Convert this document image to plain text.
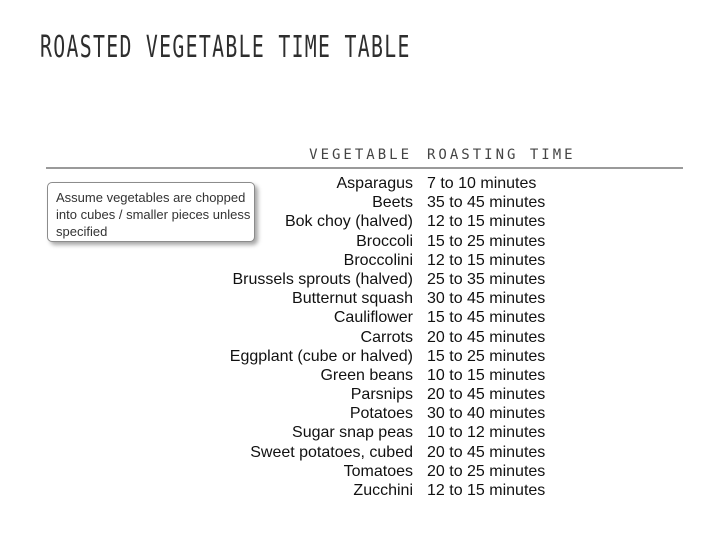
ROASTED VEGETABLE TIME TABLE
VEGETABLE ROASTING TIME
Assume vegetables are chopped into cubes / smaller pieces unless specified
Asparagus 7 to 10 minutes
Beets 35 to 45 minutes
Bok choy (halved) 12 to 15 minutes
Broccoli 15 to 25 minutes
Broccolini 12 to 15 minutes
Brussels sprouts (halved) 25 to 35 minutes
Butternut squash 30 to 45 minutes
Cauliflower 15 to 45 minutes
Carrots 20 to 45 minutes
Eggplant (cube or halved) 15 to 25 minutes
Green beans 10 to 15 minutes
Parsnips 20 to 45 minutes
Potatoes 30 to 40 minutes
Sugar snap peas 10 to 12 minutes
Sweet potatoes, cubed 20 to 45 minutes
Tomatoes 20 to 25 minutes
Zucchini 12 to 15 minutes
